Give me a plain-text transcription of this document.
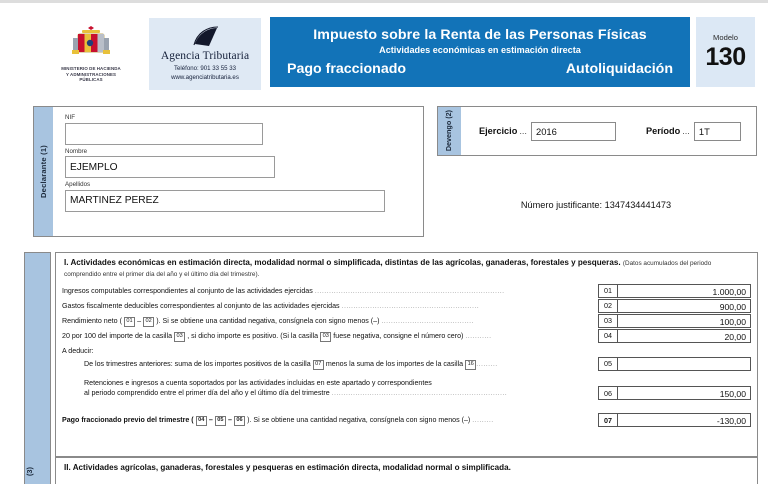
MINISTERIO DE HACIENDA
Y ADMINISTRACIONES
PÚBLICAS
Agencia Tributaria
Teléfono: 901 33 55 33
www.agenciatributaria.es
Impuesto sobre la Renta de las Personas Físicas
Actividades económicas en estimación directa
Pago fraccionado	Autoliquidación
Modelo
130
Declarante (1)
NIF
Nombre
EJEMPLO
Apellidos
MARTINEZ PEREZ
Devengo (2)	Ejercicio ... 2016	Período ... 1T
Número justificante: 1347434441473
(3)
I. Actividades económicas en estimación directa, modalidad normal o simplificada, distintas de las agrícolas, ganaderas, forestales y pesqueras. (Datos acumulados del periodo comprendido entre el primer día del año y el último día del trimestre).
Ingresos computables correspondientes al conjunto de las actividades ejercidas ................................................................................	01	1.000,00
Gastos fiscalmente deducibles correspondientes al conjunto de las actividades ejercidas ..........................................................	02	900,00
Rendimiento neto ( 01 – 02 ). Si se obtiene una cantidad negativa, consígnela con signo menos (–) .......................................	03	100,00
20 por 100 del importe de la casilla 03 , si dicho importe es positivo. (Si la casilla 03 fuese negativa, consigne el número cero) ...........	04	20,00
A deducir:
De los trimestres anteriores: suma de los importes positivos de la casilla 07 menos la suma de los importes de la casilla 16 .........	05
Retenciones e ingresos a cuenta soportados por las actividades incluidas en este apartado y correspondientes
al periodo comprendido entre el primer día del año y el último día del trimestre ..........................................................................	06	150,00
Pago fraccionado previo del trimestre ( 04 – 05 – 06 ). Si se obtiene una cantidad negativa, consígnela con signo menos (–) .........	07	-130,00
II. Actividades agrícolas, ganaderas, forestales y pesqueras en estimación directa, modalidad normal o simplificada.
